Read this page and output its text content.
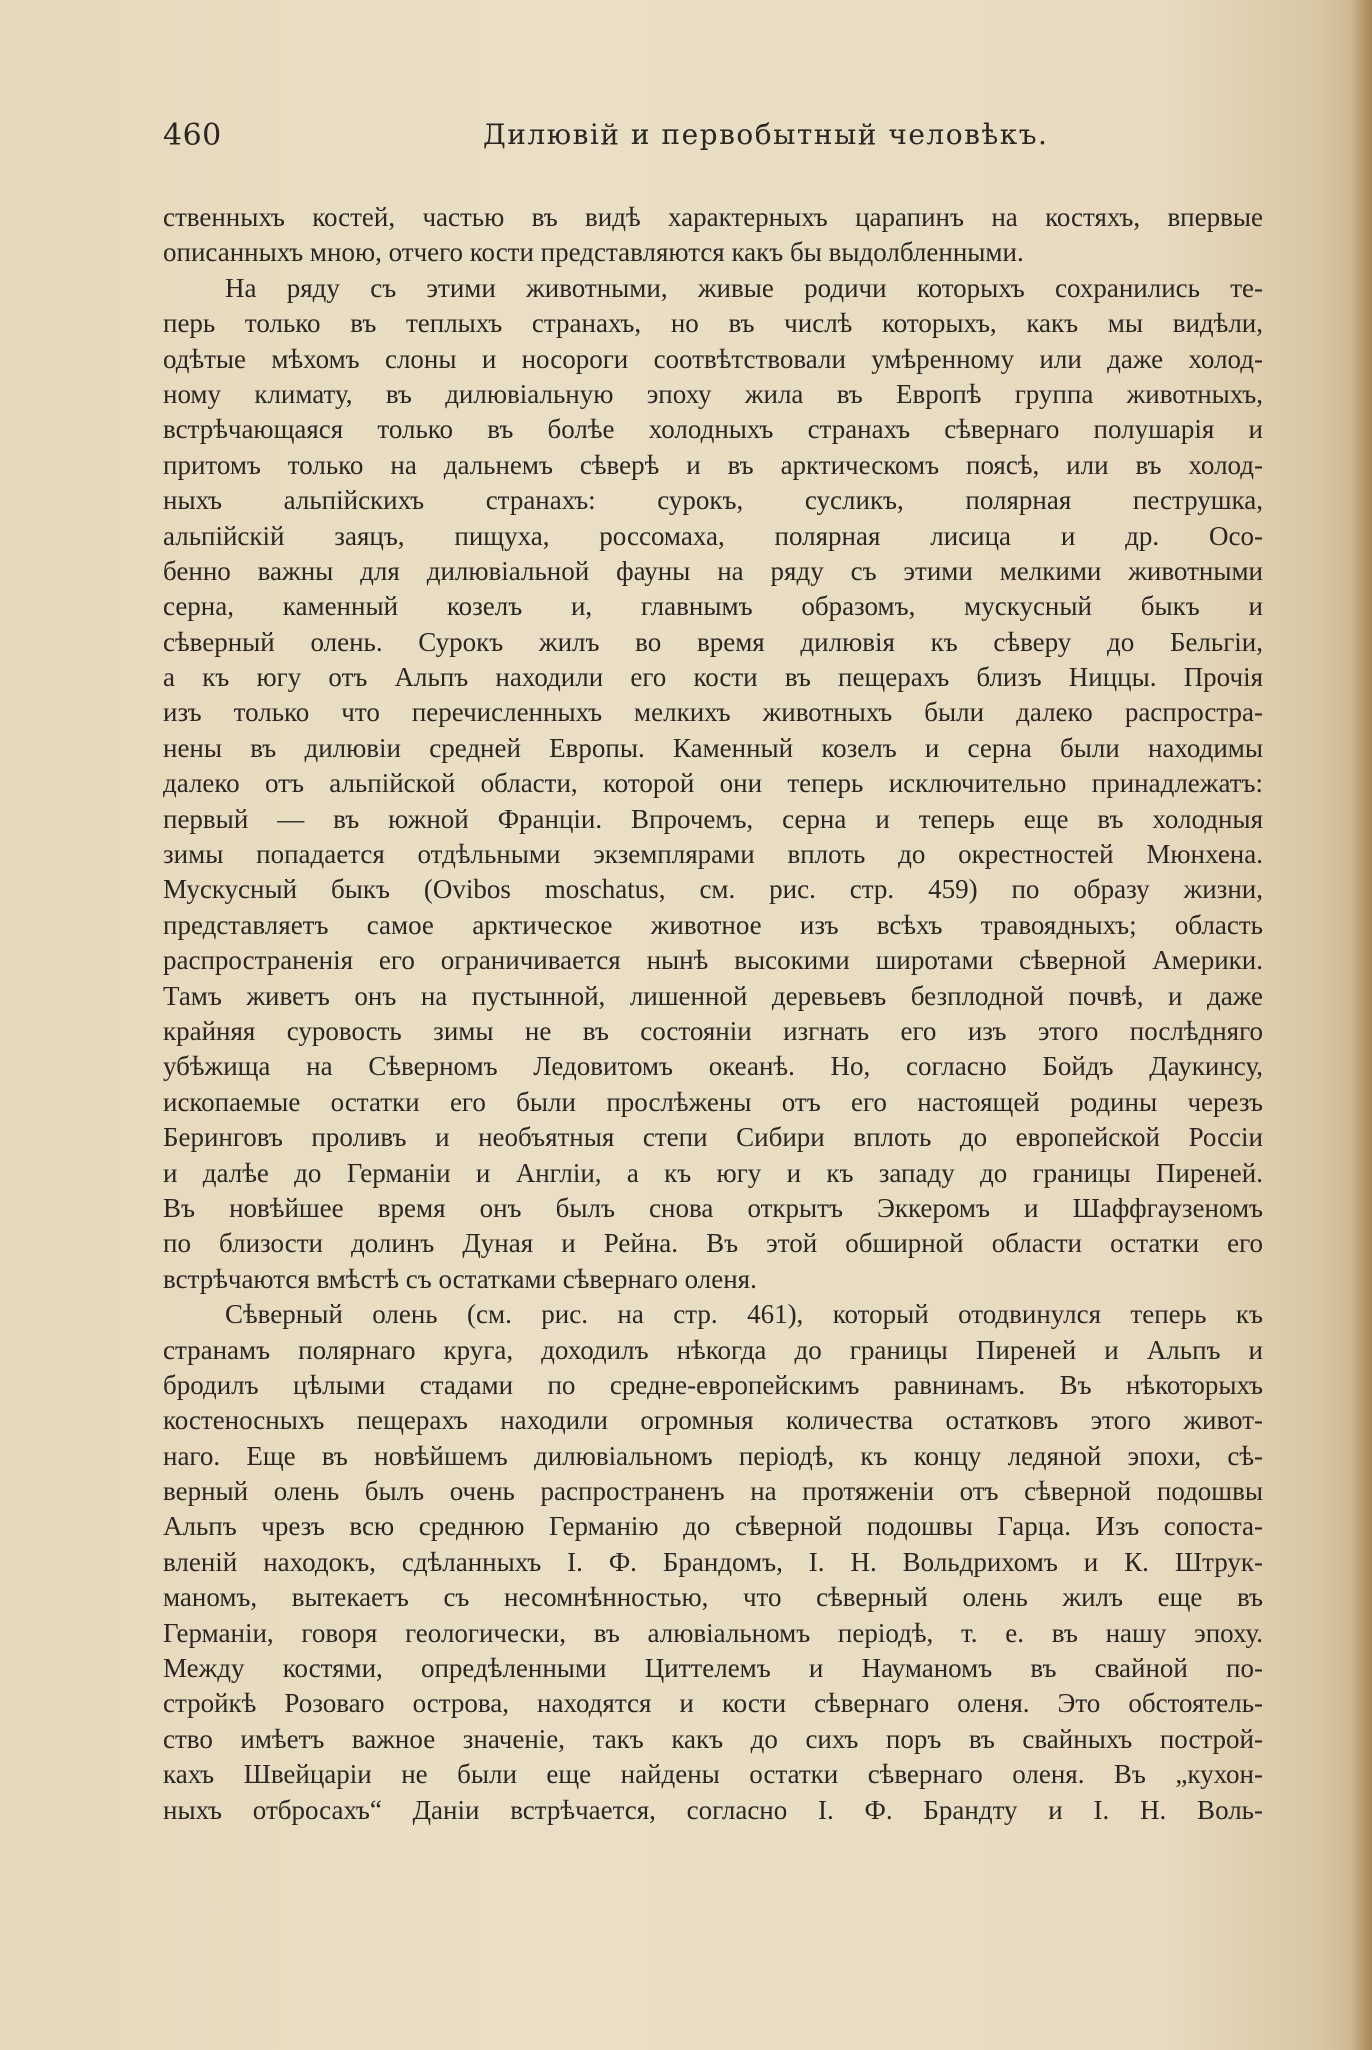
460	Дилювій и первобытный человѣкъ.
ственныхъ костей, частью въ видѣ характерныхъ царапинъ на костяхъ, впервые
описанныхъ мною, отчего кости представляются какъ бы выдолбленными.
На ряду съ этими животными, живые родичи которыхъ сохранились те-
перь только въ теплыхъ странахъ, но въ числѣ которыхъ, какъ мы видѣли,
одѣтые мѣхомъ слоны и носороги соотвѣтствовали умѣренному или даже холод-
ному климату, въ дилювіальную эпоху жила въ Европѣ группа животныхъ,
встрѣчающаяся только въ болѣе холодныхъ странахъ сѣвернаго полушарія и
притомъ только на дальнемъ сѣверѣ и въ арктическомъ поясѣ, или въ холод-
ныхъ альпійскихъ странахъ: сурокъ, сусликъ, полярная пеструшка,
альпійскій заяцъ, пищуха, россомаха, полярная лисица и др. Осо-
бенно важны для дилювіальной фауны на ряду съ этими мелкими животными
серна, каменный козелъ и, главнымъ образомъ, мускусный быкъ и
сѣверный олень. Сурокъ жилъ во время дилювія къ сѣверу до Бельгіи,
а къ югу отъ Альпъ находили его кости въ пещерахъ близъ Ниццы. Прочія
изъ только что перечисленныхъ мелкихъ животныхъ были далеко распростра-
нены въ дилювіи средней Европы. Каменный козелъ и серна были находимы
далеко отъ альпійской области, которой они теперь исключительно принадлежатъ:
первый — въ южной Франціи. Впрочемъ, серна и теперь еще въ холодныя
зимы попадается отдѣльными экземплярами вплоть до окрестностей Мюнхена.
Мускусный быкъ (Ovibos moschatus, см. рис. стр. 459) по образу жизни,
представляетъ самое арктическое животное изъ всѣхъ травоядныхъ; область
распространенія его ограничивается нынѣ высокими широтами сѣверной Америки.
Тамъ живетъ онъ на пустынной, лишенной деревьевъ безплодной почвѣ, и даже
крайняя суровость зимы не въ состояніи изгнать его изъ этого послѣдняго
убѣжища на Сѣверномъ Ледовитомъ океанѣ. Но, согласно Бойдъ Даукинсу,
ископаемые остатки его были прослѣжены отъ его настоящей родины черезъ
Беринговъ проливъ и необъятныя степи Сибири вплоть до европейской Россіи
и далѣе до Германіи и Англіи, а къ югу и къ западу до границы Пиреней.
Въ новѣйшее время онъ былъ снова открытъ Эккеромъ и Шаффгаузеномъ
по близости долинъ Дуная и Рейна. Въ этой обширной области остатки его
встрѣчаются вмѣстѣ съ остатками сѣвернаго оленя.
Сѣверный олень (см. рис. на стр. 461), который отодвинулся теперь къ
странамъ полярнаго круга, доходилъ нѣкогда до границы Пиреней и Альпъ и
бродилъ цѣлыми стадами по средне-европейскимъ равнинамъ. Въ нѣкоторыхъ
костеносныхъ пещерахъ находили огромныя количества остатковъ этого живот-
наго. Еще въ новѣйшемъ дилювіальномъ періодѣ, къ концу ледяной эпохи, сѣ-
верный олень былъ очень распространенъ на протяженіи отъ сѣверной подошвы
Альпъ чрезъ всю среднюю Германію до сѣверной подошвы Гарца. Изъ сопоста-
вленій находокъ, сдѣланныхъ І. Ф. Брандомъ, І. Н. Вольдрихомъ и К. Штрук-
маномъ, вытекаетъ съ несомнѣнностью, что сѣверный олень жилъ еще въ
Германіи, говоря геологически, въ алювіальномъ періодѣ, т. е. въ нашу эпоху.
Между костями, опредѣленными Циттелемъ и Науманомъ въ свайной по-
стройкѣ Розоваго острова, находятся и кости сѣвернаго оленя. Это обстоятель-
ство имѣетъ важное значеніе, такъ какъ до сихъ поръ въ свайныхъ построй-
кахъ Швейцаріи не были еще найдены остатки сѣвернаго оленя. Въ „кухон-
ныхъ отбросахъ“ Даніи встрѣчается, согласно І. Ф. Брандту и І. Н. Воль-
